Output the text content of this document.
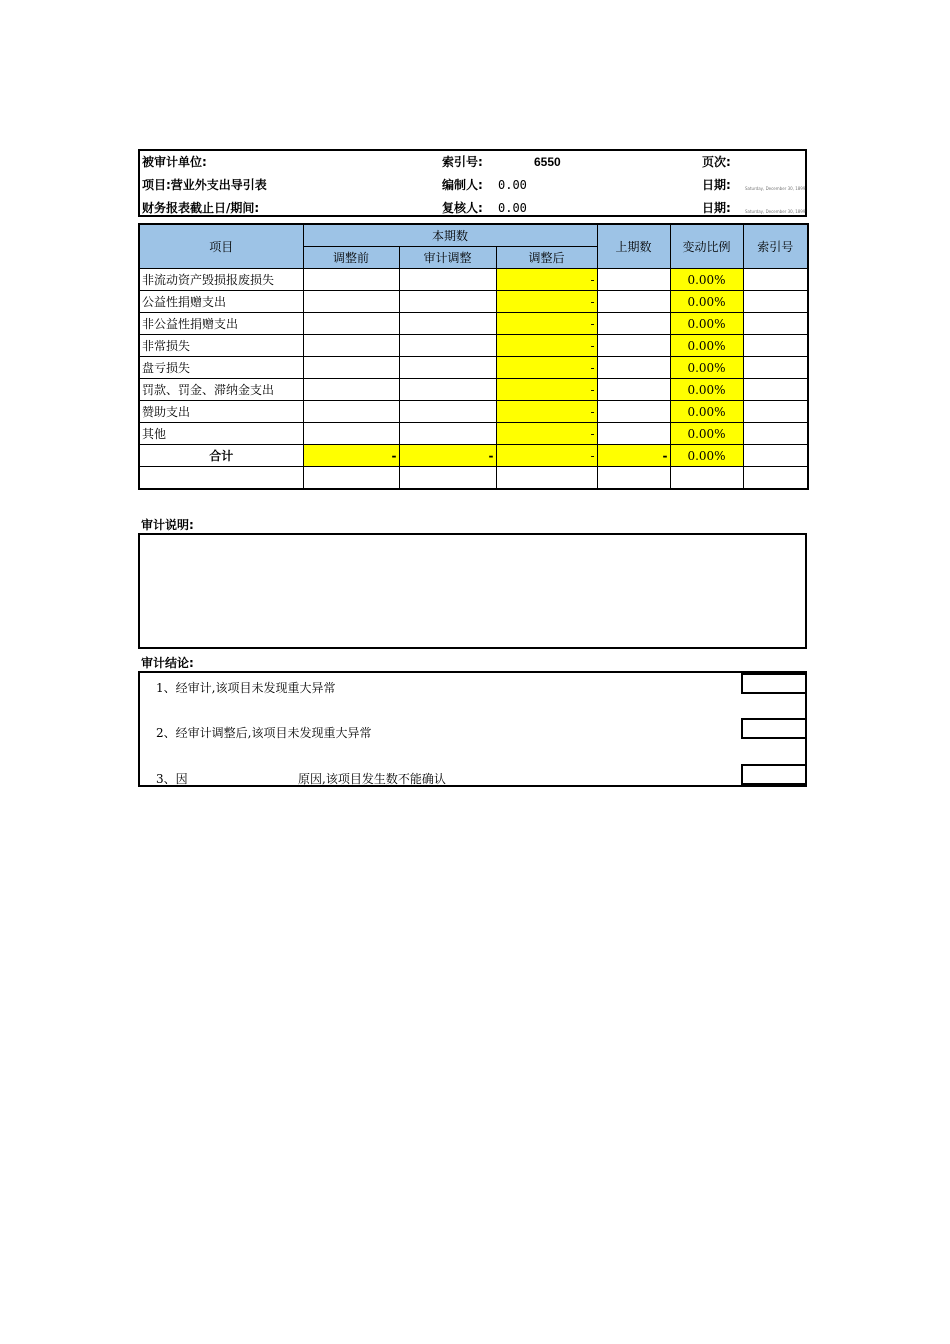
被审计单位:	索引号:	6550	页次:
项目:营业外支出导引表	编制人: 0.00	日期:	Saturday, December 30, 1899
财务报表截止日/期间:	复核人: 0.00	日期:	Saturday, December 30, 1899
项目	本期数			上期数	变动比例	索引号
	调整前	审计调整	调整后			
非流动资产毁损报废损失			-		0.00%	
公益性捐赠支出			-		0.00%	
非公益性捐赠支出			-		0.00%	
非常损失			-		0.00%	
盘亏损失			-		0.00%	
罚款、罚金、滞纳金支出			-		0.00%	
赞助支出			-		0.00%	
其他			-		0.00%	
合计	-	-	-	-	0.00%	

审计说明:
审计结论:
1、经审计,该项目未发现重大异常
2、经审计调整后,该项目未发现重大异常
3、因	原因,该项目发生数不能确认
